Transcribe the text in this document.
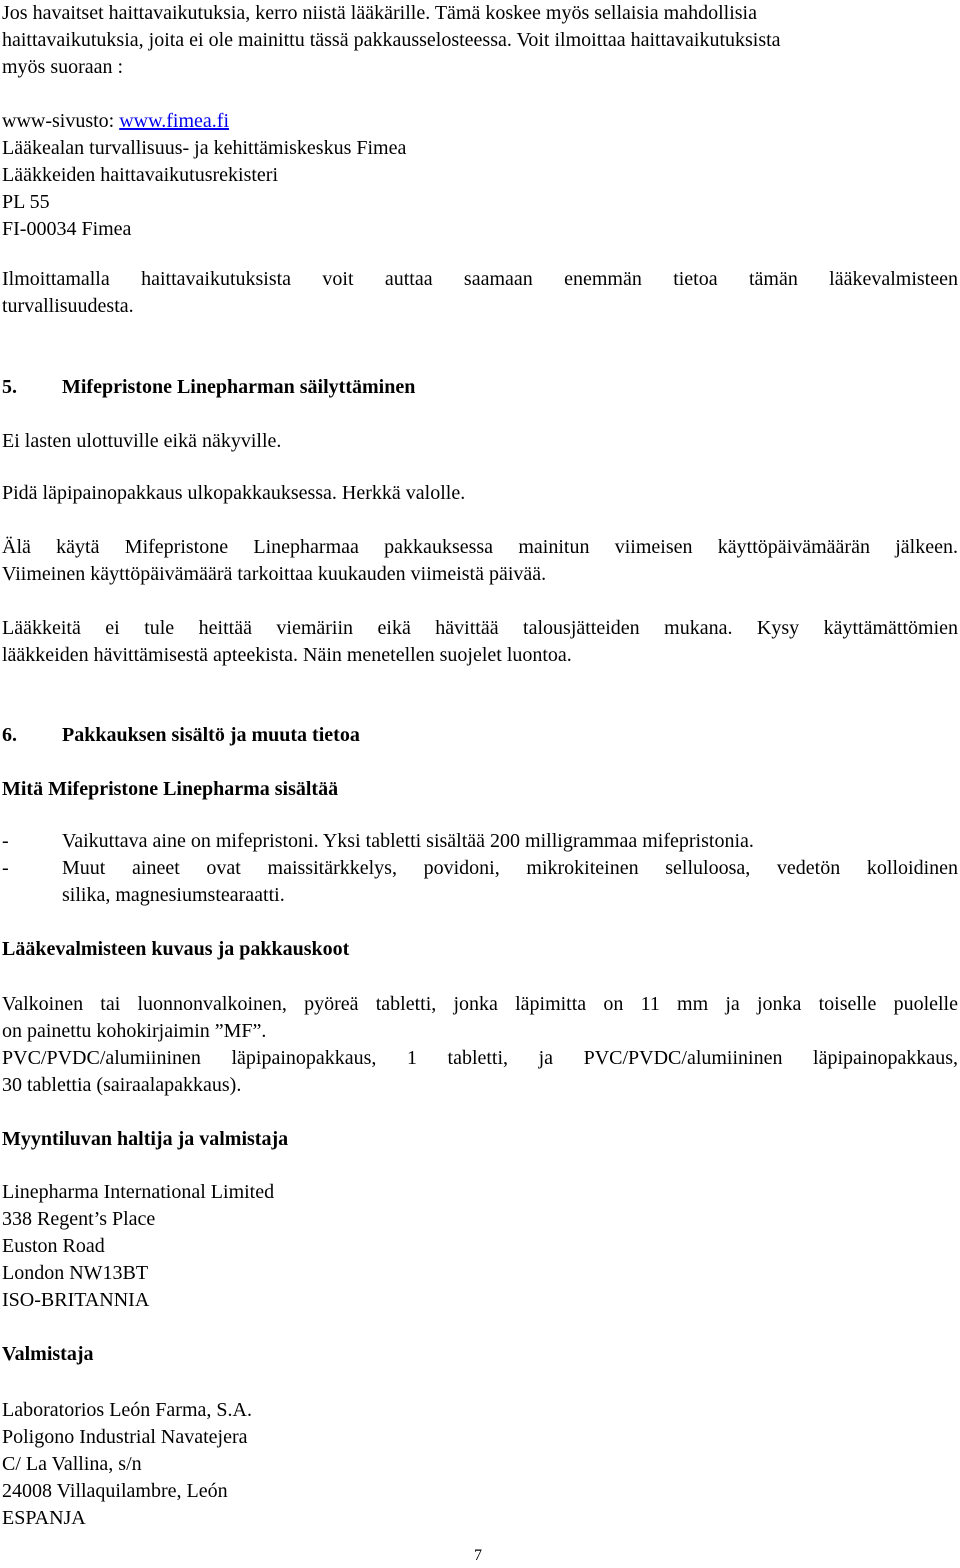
Jos havaitset haittavaikutuksia, kerro niistä lääkärille. Tämä koskee myös sellaisia mahdollisia
haittavaikutuksia, joita ei ole mainittu tässä pakkausselosteessa. Voit ilmoittaa haittavaikutuksista
myös suoraan :

www-sivusto: www.fimea.fi
Lääkealan turvallisuus- ja kehittämiskeskus Fimea
Lääkkeiden haittavaikutusrekisteri
PL 55
FI-00034 Fimea

Ilmoittamalla haittavaikutuksista voit auttaa saamaan enemmän tietoa tämän lääkevalmisteen
turvallisuudesta.

5. Mifepristone Linepharman säilyttäminen

Ei lasten ulottuville eikä näkyville.

Pidä läpipainopakkaus ulkopakkauksessa. Herkkä valolle.

Älä käytä Mifepristone Linepharmaa pakkauksessa mainitun viimeisen käyttöpäivämäärän jälkeen.
Viimeinen käyttöpäivämäärä tarkoittaa kuukauden viimeistä päivää.

Lääkkeitä ei tule heittää viemäriin eikä hävittää talousjätteiden mukana. Kysy käyttämättömien
lääkkeiden hävittämisestä apteekista. Näin menetellen suojelet luontoa.

6. Pakkauksen sisältö ja muuta tietoa
Mitä Mifepristone Linepharma sisältää
-	Vaikuttava aine on mifepristoni. Yksi tabletti sisältää 200 milligrammaa mifepristonia.
-	Muut aineet ovat maissitärkkelys, povidoni, mikrokiteinen selluloosa, vedetön kolloidinen
silika, magnesiumstearaatti.
Lääkevalmisteen kuvaus ja pakkauskoot

Valkoinen tai luonnonvalkoinen, pyöreä tabletti, jonka läpimitta on 11 mm ja jonka toiselle puolelle
on painettu kohokirjaimin ”MF”.
PVC/PVDC/alumiininen läpipainopakkaus, 1 tabletti, ja PVC/PVDC/alumiininen läpipainopakkaus,
30 tablettia (sairaalapakkaus).

Myyntiluvan haltija ja valmistaja

Linepharma International Limited
338 Regent’s Place
Euston Road
London NW13BT
ISO-BRITANNIA

Valmistaja

Laboratorios León Farma, S.A.
Poligono Industrial Navatejera
C/ La Vallina, s/n
24008 Villaquilambre, León
ESPANJA

7
